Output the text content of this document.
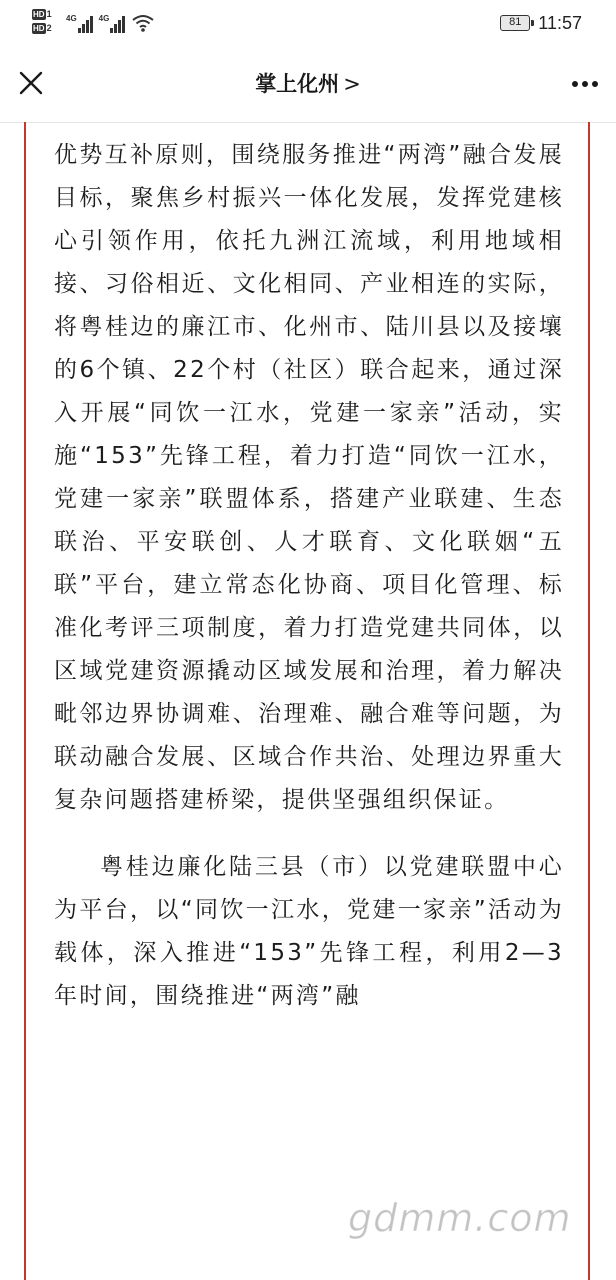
HD 1
HD 2
4G	4G	81 11:57
掌上化州 >

优势互补原则，围绕服务推进“两湾”融合发展目标，聚焦乡村振兴一体化发展，发挥党建核心引领作用，依托九洲江流域，利用地域相接、习俗相近、文化相同、产业相连的实际，将粤桂边的廉江市、化州市、陆川县以及接壤的6个镇、22个村（社区）联合起来，通过深入开展“同饮一江水，党建一家亲”活动，实施“153”先锋工程，着力打造“同饮一江水，党建一家亲”联盟体系，搭建产业联建、生态联治、平安联创、人才联育、文化联姻“五联”平台，建立常态化协商、项目化管理、标准化考评三项制度，着力打造党建共同体，以区域党建资源撬动区域发展和治理，着力解决毗邻边界协调难、治理难、融合难等问题，为联动融合发展、区域合作共治、处理边界重大复杂问题搭建桥梁，提供坚强组织保证。

粤桂边廉化陆三县（市）以党建联盟中心为平台，以“同饮一江水，党建一家亲”活动为载体，深入推进“153”先锋工程，利用2—3年时间，围绕推进“两湾”融

gdmm.com
